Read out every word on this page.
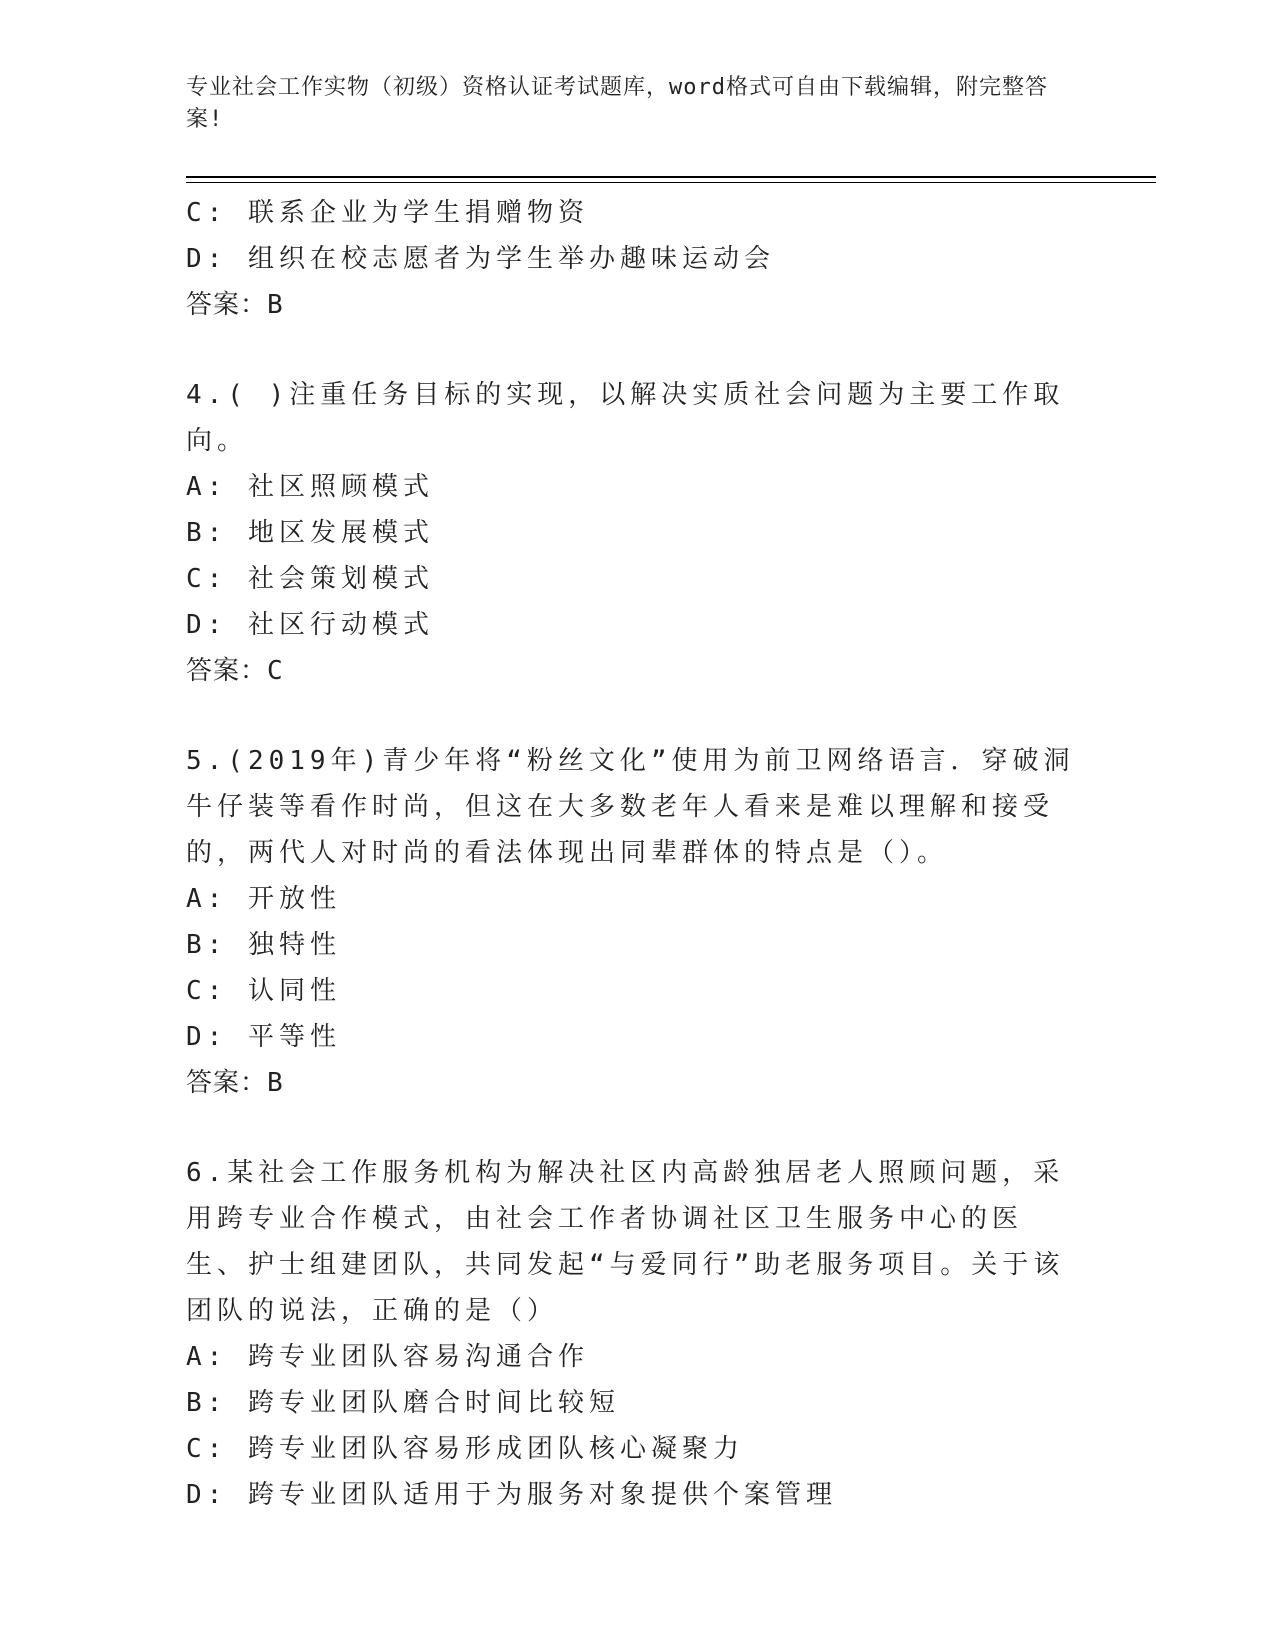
专业社会工作实物（初级）资格认证考试题库，word格式可自由下载编辑，附完整答案!
C: 联系企业为学生捐赠物资
D: 组织在校志愿者为学生举办趣味运动会
答案：B
4.( )注重任务目标的实现，以解决实质社会问题为主要工作取向。
A: 社区照顾模式
B: 地区发展模式
C: 社会策划模式
D: 社区行动模式
答案：C
5.(2019年)青少年将“粉丝文化”使用为前卫网络语言．穿破洞牛仔装等看作时尚，但这在大多数老年人看来是难以理解和接受的，两代人对时尚的看法体现出同辈群体的特点是（）。
A: 开放性
B: 独特性
C: 认同性
D: 平等性
答案：B
6.某社会工作服务机构为解决社区内高龄独居老人照顾问题，采用跨专业合作模式，由社会工作者协调社区卫生服务中心的医生、护士组建团队，共同发起“与爱同行”助老服务项目。关于该团队的说法，正确的是（）
A: 跨专业团队容易沟通合作
B: 跨专业团队磨合时间比较短
C: 跨专业团队容易形成团队核心凝聚力
D: 跨专业团队适用于为服务对象提供个案管理
